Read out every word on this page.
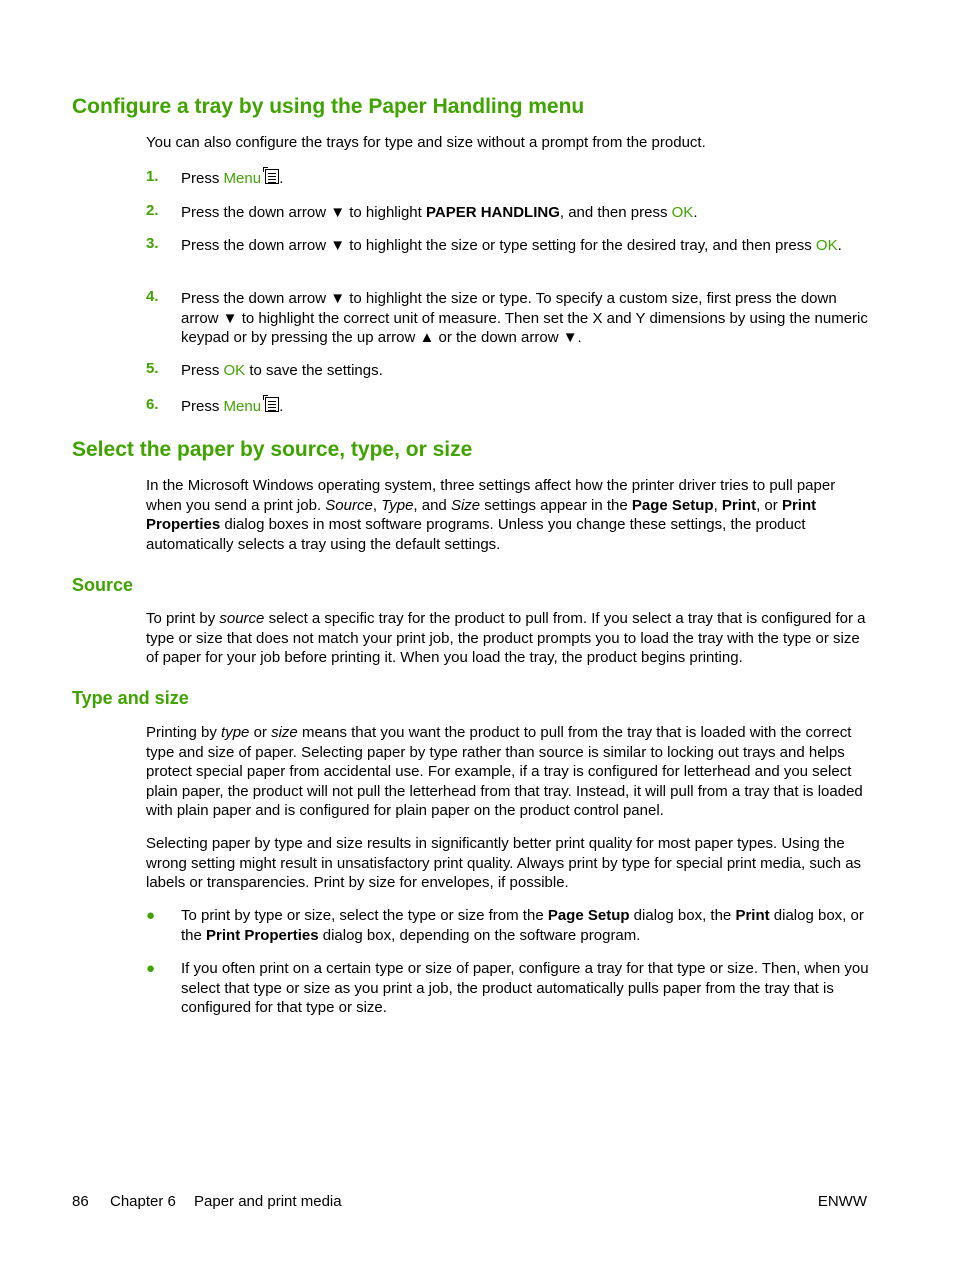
Configure a tray by using the Paper Handling menu

You can also configure the trays for type and size without a prompt from the product.

1. Press Menu .
2. Press the down arrow ▼ to highlight PAPER HANDLING, and then press OK.
3. Press the down arrow ▼ to highlight the size or type setting for the desired tray, and then press OK.
4. Press the down arrow ▼ to highlight the size or type. To specify a custom size, first press the down arrow ▼ to highlight the correct unit of measure. Then set the X and Y dimensions by using the numeric keypad or by pressing the up arrow ▲ or the down arrow ▼.
5. Press OK to save the settings.
6. Press Menu .
Select the paper by source, type, or size

In the Microsoft Windows operating system, three settings affect how the printer driver tries to pull paper when you send a print job. Source, Type, and Size settings appear in the Page Setup, Print, or Print Properties dialog boxes in most software programs. Unless you change these settings, the product automatically selects a tray using the default settings.

Source

To print by source select a specific tray for the product to pull from. If you select a tray that is configured for a type or size that does not match your print job, the product prompts you to load the tray with the type or size of paper for your job before printing it. When you load the tray, the product begins printing.

Type and size

Printing by type or size means that you want the product to pull from the tray that is loaded with the correct type and size of paper. Selecting paper by type rather than source is similar to locking out trays and helps protect special paper from accidental use. For example, if a tray is configured for letterhead and you select plain paper, the product will not pull the letterhead from that tray. Instead, it will pull from a tray that is loaded with plain paper and is configured for plain paper on the product control panel.

Selecting paper by type and size results in significantly better print quality for most paper types. Using the wrong setting might result in unsatisfactory print quality. Always print by type for special print media, such as labels or transparencies. Print by size for envelopes, if possible.

● To print by type or size, select the type or size from the Page Setup dialog box, the Print dialog box, or the Print Properties dialog box, depending on the software program.
● If you often print on a certain type or size of paper, configure a tray for that type or size. Then, when you select that type or size as you print a job, the product automatically pulls paper from the tray that is configured for that type or size.
86 Chapter 6 Paper and print media	ENWW
